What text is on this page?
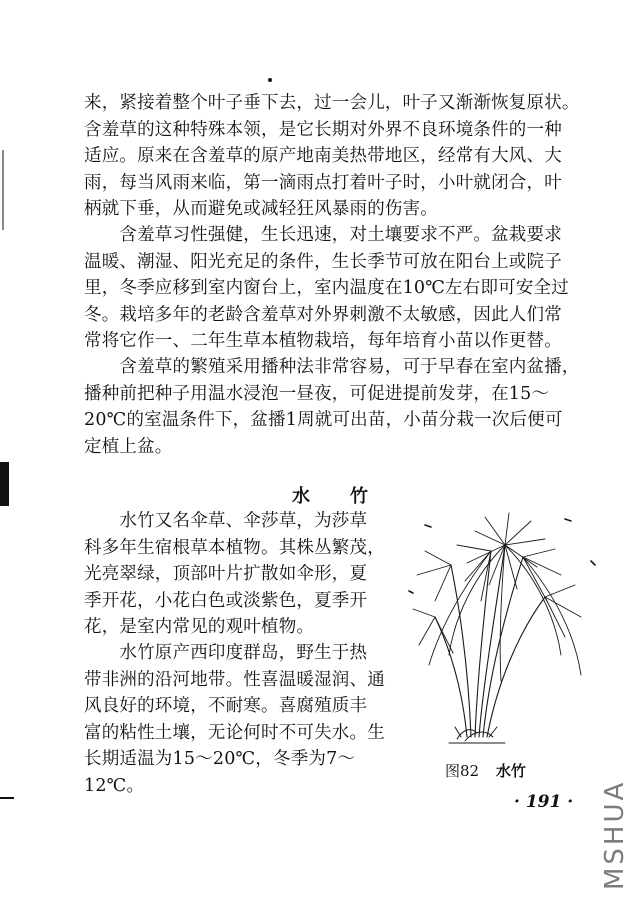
来，紧接着整个叶子垂下去，过一会儿，叶子又渐渐恢复原状。
含羞草的这种特殊本领，是它长期对外界不良环境条件的一种
适应。原来在含羞草的原产地南美热带地区，经常有大风、大
雨，每当风雨来临，第一滴雨点打着叶子时，小叶就闭合，叶
柄就下垂，从而避免或减轻狂风暴雨的伤害。
　　含羞草习性强健，生长迅速，对土壤要求不严。盆栽要求
温暖、潮湿、阳光充足的条件，生长季节可放在阳台上或院子
里，冬季应移到室内窗台上，室内温度在10℃左右即可安全过
冬。栽培多年的老龄含羞草对外界刺激不太敏感，因此人们常
常将它作一、二年生草本植物栽培，每年培育小苗以作更替。
　　含羞草的繁殖采用播种法非常容易，可于早春在室内盆播，
播种前把种子用温水浸泡一昼夜，可促进提前发芽，在15～
20℃的室温条件下，盆播1周就可出苗，小苗分栽一次后便可
定植上盆。
水竹
　　水竹又名伞草、伞莎草，为莎草
科多年生宿根草本植物。其株丛繁茂，
光亮翠绿，顶部叶片扩散如伞形，夏
季开花，小花白色或淡紫色，夏季开
花，是室内常见的观叶植物。
　　水竹原产西印度群岛，野生于热
带非洲的沿河地带。性喜温暖湿润、通
风良好的环境，不耐寒。喜腐殖质丰
富的粘性土壤，无论何时不可失水。生
长期适温为15～20℃，冬季为7～
12℃。
图82 水竹
· 191 · MSHUA
